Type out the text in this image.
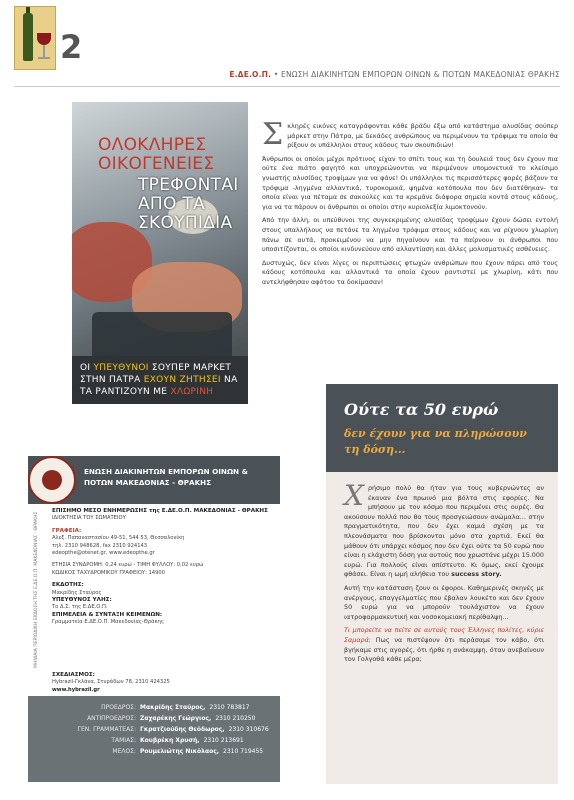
2
Ε.ΔΕ.Ο.Π. • ΕΝΩΣΗ ΔΙΑΚΙΝΗΤΩΝ ΕΜΠΟΡΩΝ ΟΙΝΩΝ & ΠΟΤΩΝ ΜΑΚΕΔΟΝΙΑΣ ΘΡΑΚΗΣ
ΟΛΟΚΛΗΡΕΣ ΟΙΚΟΓΕΝΕΙΕΣ
ΤΡΕΦΟΝΤΑΙ ΑΠΟ ΤΑ ΣΚΟΥΠΙΔΙΑ
ΟΙ ΥΠΕΥΘΥΝΟΙ ΣΟΥΠΕΡ ΜΑΡΚΕΤ ΣΤΗΝ ΠΑΤΡΑ ΕΧΟΥΝ ΖΗΤΗΣΕΙ ΝΑ ΤΑ ΡΑΝΤΙΖΟΥΝ ΜΕ ΧΛΩΡΙΝΗ

Σκληρές εικόνες καταγράφονται κάθε βράδυ έξω από κατάστημα αλυσίδας σούπερ μάρκετ στην Πάτρα, με δεκάδες ανθρώπους να περιμένουν τα τρόφιμα τα οποία θα ρίξουν οι υπάλληλοι στους κάδους των σκουπιδιών!

Άνθρωποι οι οποίοι μέχρι πρότινος είχαν το σπίτι τους και τη δουλειά τους δεν έχουν πια ούτε ένα πιάτο φαγητό και υποχρεώνονται να περιμένουν υπομονετικά το κλείσιμο γνωστής αλυσίδας τροφίμων για να φάνε! Οι υπάλληλοι τις περισσότερες φορές βάζουν τα τρόφιμα -ληγμένα αλλαντικά, τυροκομικά, ψημένα κοτόπουλα που δεν διατέθηκαν- τα οποία είναι για πέταμα σε σακούλες και τα κρεμάνε διάφορα σημεία κοντά στους κάδους, για να τα πάρουν οι άνθρωποι οι οποίοι στην κυριολεξία λιμοκτονούν.

Από την άλλη, οι υπεύθυνοι της συγκεκριμένης αλυσίδας τροφίμων έχουν δώσει εντολή στους υπαλλήλους να πετάνε τα ληγμένα τρόφιμα στους κάδους και να ρίχνουν χλωρίνη πάνω σε αυτά, προκειμένου να μην πηγαίνουν και τα παίρνουν οι άνθρωποι που υποσιτίζονται, οι οποίοι κινδυνεύουν από αλλαντίαση και άλλες μολυσματικές ασθένειες.

Δυστυχώς, δεν είναι λίγες οι περιπτώσεις φτωχών ανθρώπων που έχουν πάρει από τους κάδους κοτόπουλα και αλλαντικά τα οποία έχουν ραντιστεί με χλωρίνη, κάτι που αντελήφθησαν αφότου τα δοκίμασαν!

Ούτε τα 50 ευρώ
δεν έχουν για να πληρώσουν τη δόση...

Χρήσιμο πολύ θα ήταν για τους κυβερνώντες αν έκαναν ένα πρωινό μια βόλτα στις εφορίες. Να μπήσουν με τον κόσμο που περιμένει στις ουρές. Θα ακούσουν πολλά που θα τους προσγειώσουν ανώμαλα... στην πραγματικότητα, που δεν έχει καμιά σχέση με τα πλεονάσματα που βρίσκονται μόνο στα χαρτιά. Εκεί θα μάθουν ότι υπάρχει κόσμος που δεν έχει ούτε τα 50 ευρώ που είναι η ελάχιστη δόση για αυτούς που χρωστάνε μέχρι 15.000 ευρώ. Για πολλούς είναι απίστευτο. Κι όμως, εκεί έχουμε φθάσει. Είναι η ωμή αλήθεια του success story.

Αυτή την κατάσταση ζουν οι έφοροι. Καθημερινές σκηνές με ανέργους, επαγγελματίες που έβαλαν λουκέτο και δεν έχουν 50 ευρώ για να μπορούν τουλάχιστον να έχουν ιατροφαρμακευτική και νοσοκομειακή περίθαλψη...

Τι μπορείτε να πείτε σε αυτούς τους Έλληνες πολίτες, κύριε Σαμαρά; Πως να πιστέψουν ότι περάσαμε τον κάβο, ότι βγήκαμε στις αγορές, ότι ήρθε η ανάκαμψη, όταν ανεβαίνουν τον Γολγοθά κάθε μέρα;

ΕΝΩΣΗ ΔΙΑΚΙΝΗΤΩΝ ΕΜΠΟΡΩΝ ΟΙΝΩΝ & ΠΟΤΩΝ ΜΑΚΕΔΟΝΙΑΣ - ΘΡΑΚΗΣ
ΜΗΝΙΑΙΑ ΠΕΡΙΟΔΙΚΗ ΕΚΔΟΣΗ ΤΗΣ Ε.ΔΕ.Ο.Π. ΜΑΚΕΔΟΝΙΑΣ - ΘΡΑΚΗΣ
ΕΠΙΣΗΜΟ ΜΕΣΟ ΕΝΗΜΕΡΩΣΗΣ της Ε.ΔΕ.Ο.Π. ΜΑΚΕΔΟΝΙΑΣ - ΘΡΑΚΗΣ
ΙΔΙΟΚΤΗΣΙΑ ΤΟΥ ΣΩΜΑΤΕΙΟΥ
ΓΡΑΦΕΙΑ:
Αλεξ. Παπαναστασίου 49-51, 544 53, Θεσσαλονίκη
τηλ. 2310 948628, fax 2310 924143
edeopthe@otenet.gr, www.edeopthe.gr
ΕΤΗΣΙΑ ΣΥΝΔΡΟΜΗ: 0,24 ευρώ - ΤΙΜΗ ΦΥΛΛΟΥ: 0,02 ευρώ
ΚΩΔΙΚΟΣ ΤΑΧΥΔΡΟΜΙΚΟΥ ΓΡΑΦΕΙΟΥ: 14900
ΕΚΔΟΤΗΣ:
Μακρίδης Σταύρος
ΥΠΕΥΘΥΝΟΣ ΥΛΗΣ:
Το Δ.Σ. της Ε.ΔΕ.Ο.Π.
ΕΠΙΜΕΛΕΙΑ & ΣΥΝΤΑΞΗ ΚΕΙΜΕΝΩΝ:
Γραμματεία Ε.ΔΕ.Ο.Π. Μακεδονίας-Θράκης
ΣΧΕΔΙΑΣΜΟΣ:
Hybrazil-Γκλάνα, Στυράδων 78, 2310 424325
www.hybrazil.gr
ΠΡΟΕΔΡΟΣ: Μακρίδης Σταύρος, 2310 783817
ΑΝΤΙΠΡΟΕΔΡΟΣ: Ζαχαρέκης Γεώργιος, 2310 210250
ΓΕΝ. ΓΡΑΜΜΑΤΕΑΣ: Γκρατζιούδης Θεόδωρος, 2310 310676
ΤΑΜΙΑΣ: Κουβρέκη Χρυσή, 2310 213691
ΜΕΛΟΣ: Ρουμελιώτης Νικόλαος, 2310 719455
